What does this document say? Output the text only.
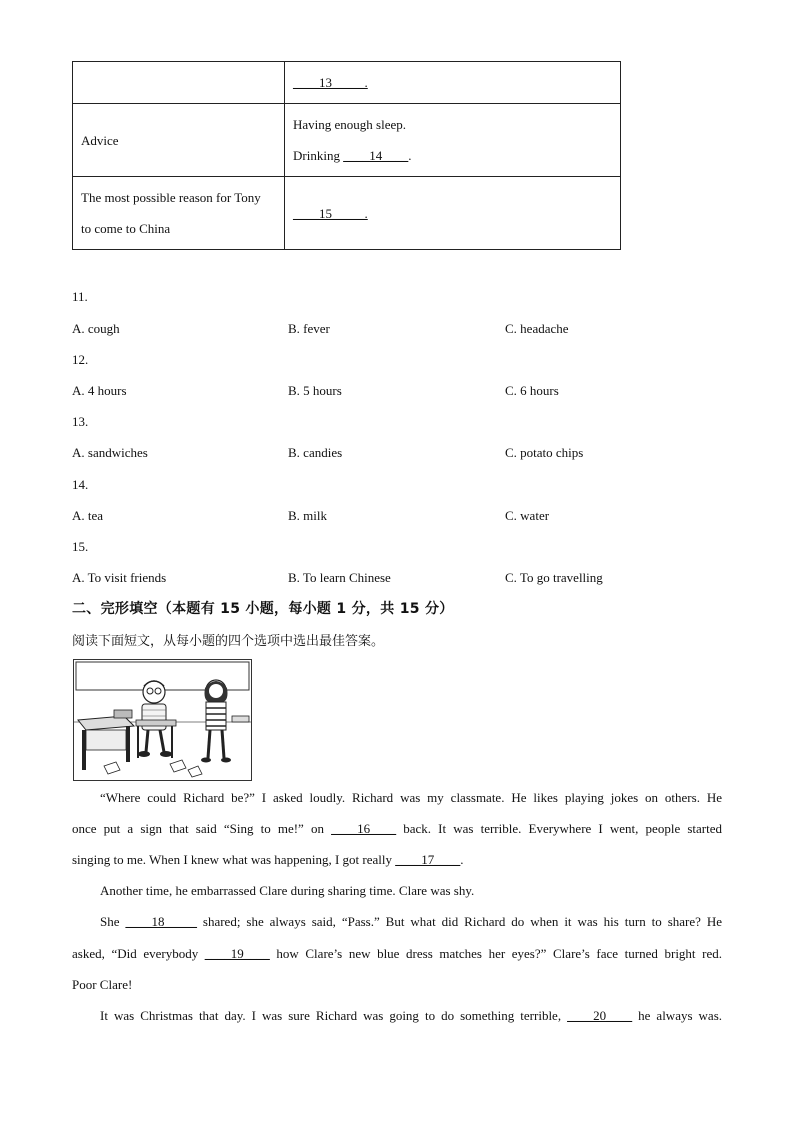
	____13_____.
Advice	Having enough sleep.
Drinking ____14____.

The most possible reason for Tony
to come to China	____15_____.
11.
A. cough	B. fever	C. headache
12.
A. 4 hours	B. 5 hours	C. 6 hours
13.
A. sandwiches	B. candies	C. potato chips
14.
A. tea	B. milk	C. water
15.
A. To visit friends	B. To learn Chinese	C. To go travelling
二、完形填空（本题有 15 小题，每小题 1 分，共 15 分）
阅读下面短文，从每小题的四个选项中选出最佳答案。
“Where could Richard be?” I asked loudly. Richard was my classmate. He likes playing jokes on others. He
once put a sign that said “Sing to me!” on ____16____ back. It was terrible. Everywhere I went, people started
singing to me. When I knew what was happening, I got really ____17____.
Another time, he embarrassed Clare during sharing time. Clare was shy.
She ____18_____ shared; she always said, “Pass.” But what did Richard do when it was his turn to share? He
asked, “Did everybody ____19____ how Clare’s new blue dress matches her eyes?” Clare’s face turned bright red.
Poor Clare!
It was Christmas that day. I was sure Richard was going to do something terrible, ____20____ he always was.
